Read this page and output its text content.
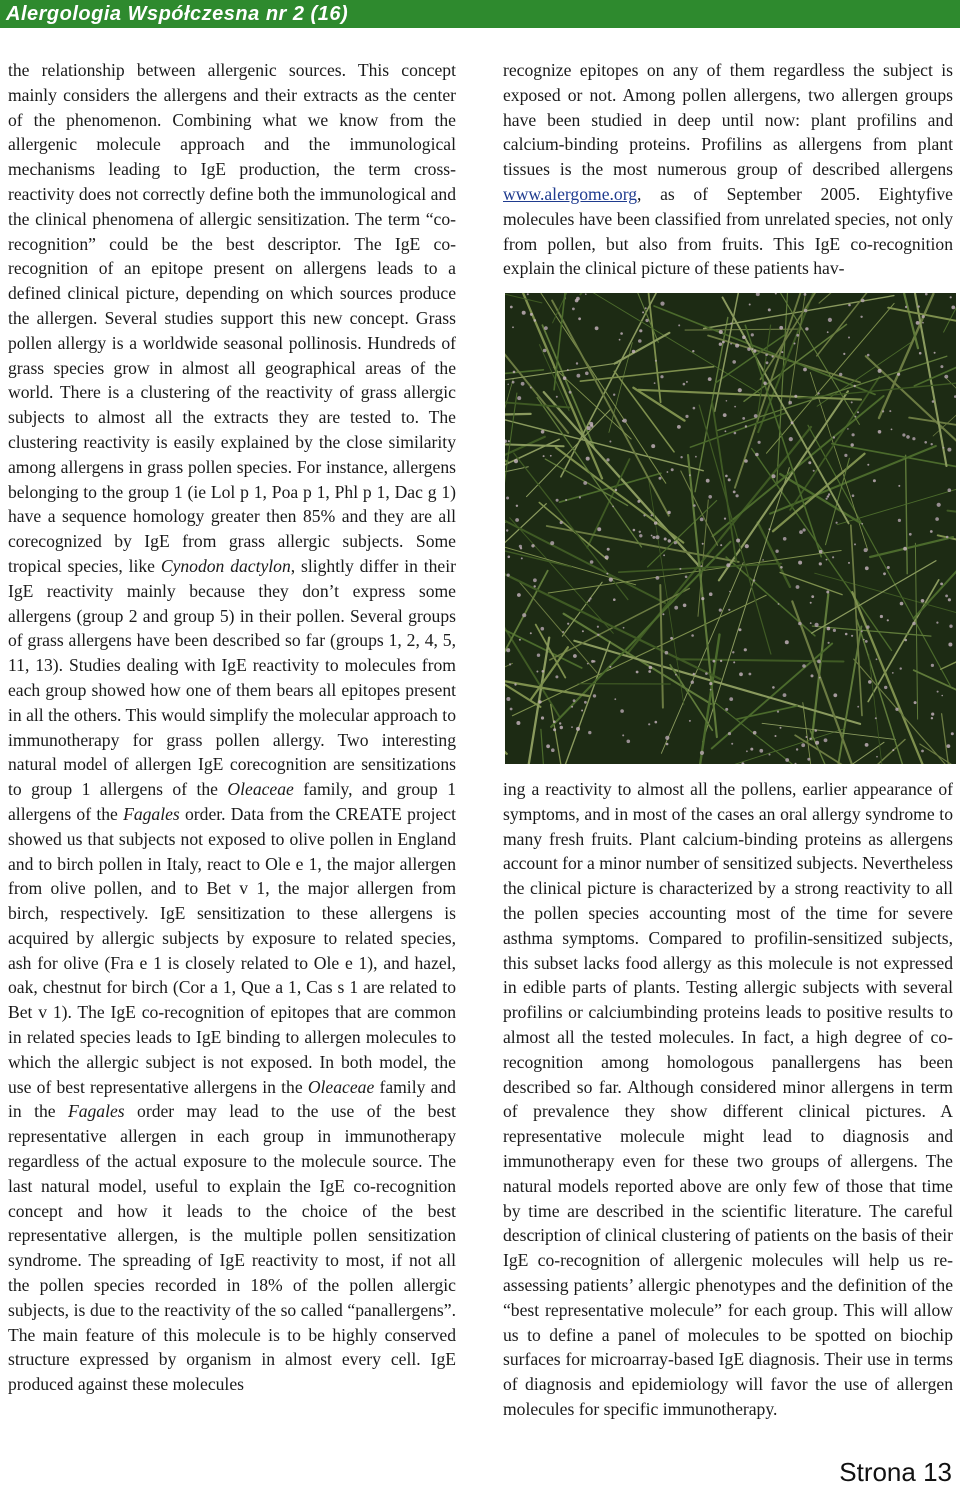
Alergologia Współczesna nr 2 (16)

the relationship between allergenic sources. This concept mainly considers the allergens and their extracts as the center of the phenomenon. Combining what we know from the allergenic molecule approach and the immunological mechanisms leading to IgE production, the term cross-reactivity does not correctly define both the immunological and the clinical phenomena of allergic sensitization. The term “co-recognition” could be the best descriptor. The IgE co-recognition of an epitope present on allergens leads to a defined clinical picture, depending on which sources produce the allergen. Several studies support this new concept. Grass pollen allergy is a worldwide seasonal pollinosis. Hundreds of grass species grow in almost all geographical areas of the world. There is a clustering of the reactivity of grass allergic subjects to almost all the extracts they are tested to. The clustering reactivity is easily explained by the close similarity among allergens in grass pollen species. For instance, allergens belonging to the group 1 (ie Lol p 1, Poa p 1, Phl p 1, Dac g 1) have a sequence homology greater then 85% and they are all corecognized by IgE from grass allergic subjects. Some tropical species, like Cynodon dactylon, slightly differ in their IgE reactivity mainly because they don’t express some allergens (group 2 and group 5) in their pollen. Several groups of grass allergens have been described so far (groups 1, 2, 4, 5, 11, 13). Studies dealing with IgE reactivity to molecules from each group showed how one of them bears all epitopes present in all the others. This would simplify the molecular approach to immunotherapy for grass pollen allergy. Two interesting natural model of allergen IgE corecognition are sensitizations to group 1 allergens of the Oleaceae family, and group 1 allergens of the Fagales order. Data from the CREATE project showed us that subjects not exposed to olive pollen in England and to birch pollen in Italy, react to Ole e 1, the major allergen from olive pollen, and to Bet v 1, the major allergen from birch, respectively. IgE sensitization to these allergens is acquired by allergic subjects by exposure to related species, ash for olive (Fra e 1 is closely related to Ole e 1), and hazel, oak, chestnut for birch (Cor a 1, Que a 1, Cas s 1 are related to Bet v 1). The IgE co-recognition of epitopes that are common in related species leads to IgE binding to allergen molecules to which the allergic subject is not exposed. In both model, the use of best representative allergens in the Oleaceae family and in the Fagales order may lead to the use of the best representative allergen in each group in immunotherapy regardless of the actual exposure to the molecule source. The last natural model, useful to explain the IgE co-recognition concept and how it leads to the choice of the best representative allergen, is the multiple pollen sensitization syndrome. The spreading of IgE reactivity to most, if not all the pollen species recorded in 18% of the pollen allergic subjects, is due to the reactivity of the so called “panallergens”. The main feature of this molecule is to be highly conserved structure expressed by organism in almost every cell. IgE produced against these molecules

recognize epitopes on any of them regardless the subject is exposed or not. Among pollen allergens, two allergen groups have been studied in deep until now: plant profilins and calcium-binding proteins. Profilins as allergens from plant tissues is the most numerous group of described allergens www.alergome.org, as of September 2005. Eightyfive molecules have been classified from unrelated species, not only from pollen, but also from fruits. This IgE co-recognition explain the clinical picture of these patients hav-

ing a reactivity to almost all the pollens, earlier appearance of symptoms, and in most of the cases an oral allergy syndrome to many fresh fruits. Plant calcium-binding proteins as allergens account for a minor number of sensitized subjects. Nevertheless the clinical picture is characterized by a strong reactivity to all the pollen species accounting most of the time for severe asthma symptoms. Compared to profilin-sensitized subjects, this subset lacks food allergy as this molecule is not expressed in edible parts of plants. Testing allergic subjects with several profilins or calciumbinding proteins leads to positive results to almost all the tested molecules. In fact, a high degree of co-recognition among homologous panallergens has been described so far. Although considered minor allergens in term of prevalence they show different clinical pictures. A representative molecule might lead to diagnosis and immunotherapy even for these two groups of allergens. The natural models reported above are only few of those that time by time are described in the scientific literature. The careful description of clinical clustering of patients on the basis of their IgE co-recognition of allergenic molecules will help us re-assessing patients’ allergic phenotypes and the definition of the “best representative molecule” for each group. This will allow us to define a panel of molecules to be spotted on biochip surfaces for microarray-based IgE diagnosis. Their use in terms of diagnosis and epidemiology will favor the use of allergen molecules for specific immunotherapy.

Strona 13
